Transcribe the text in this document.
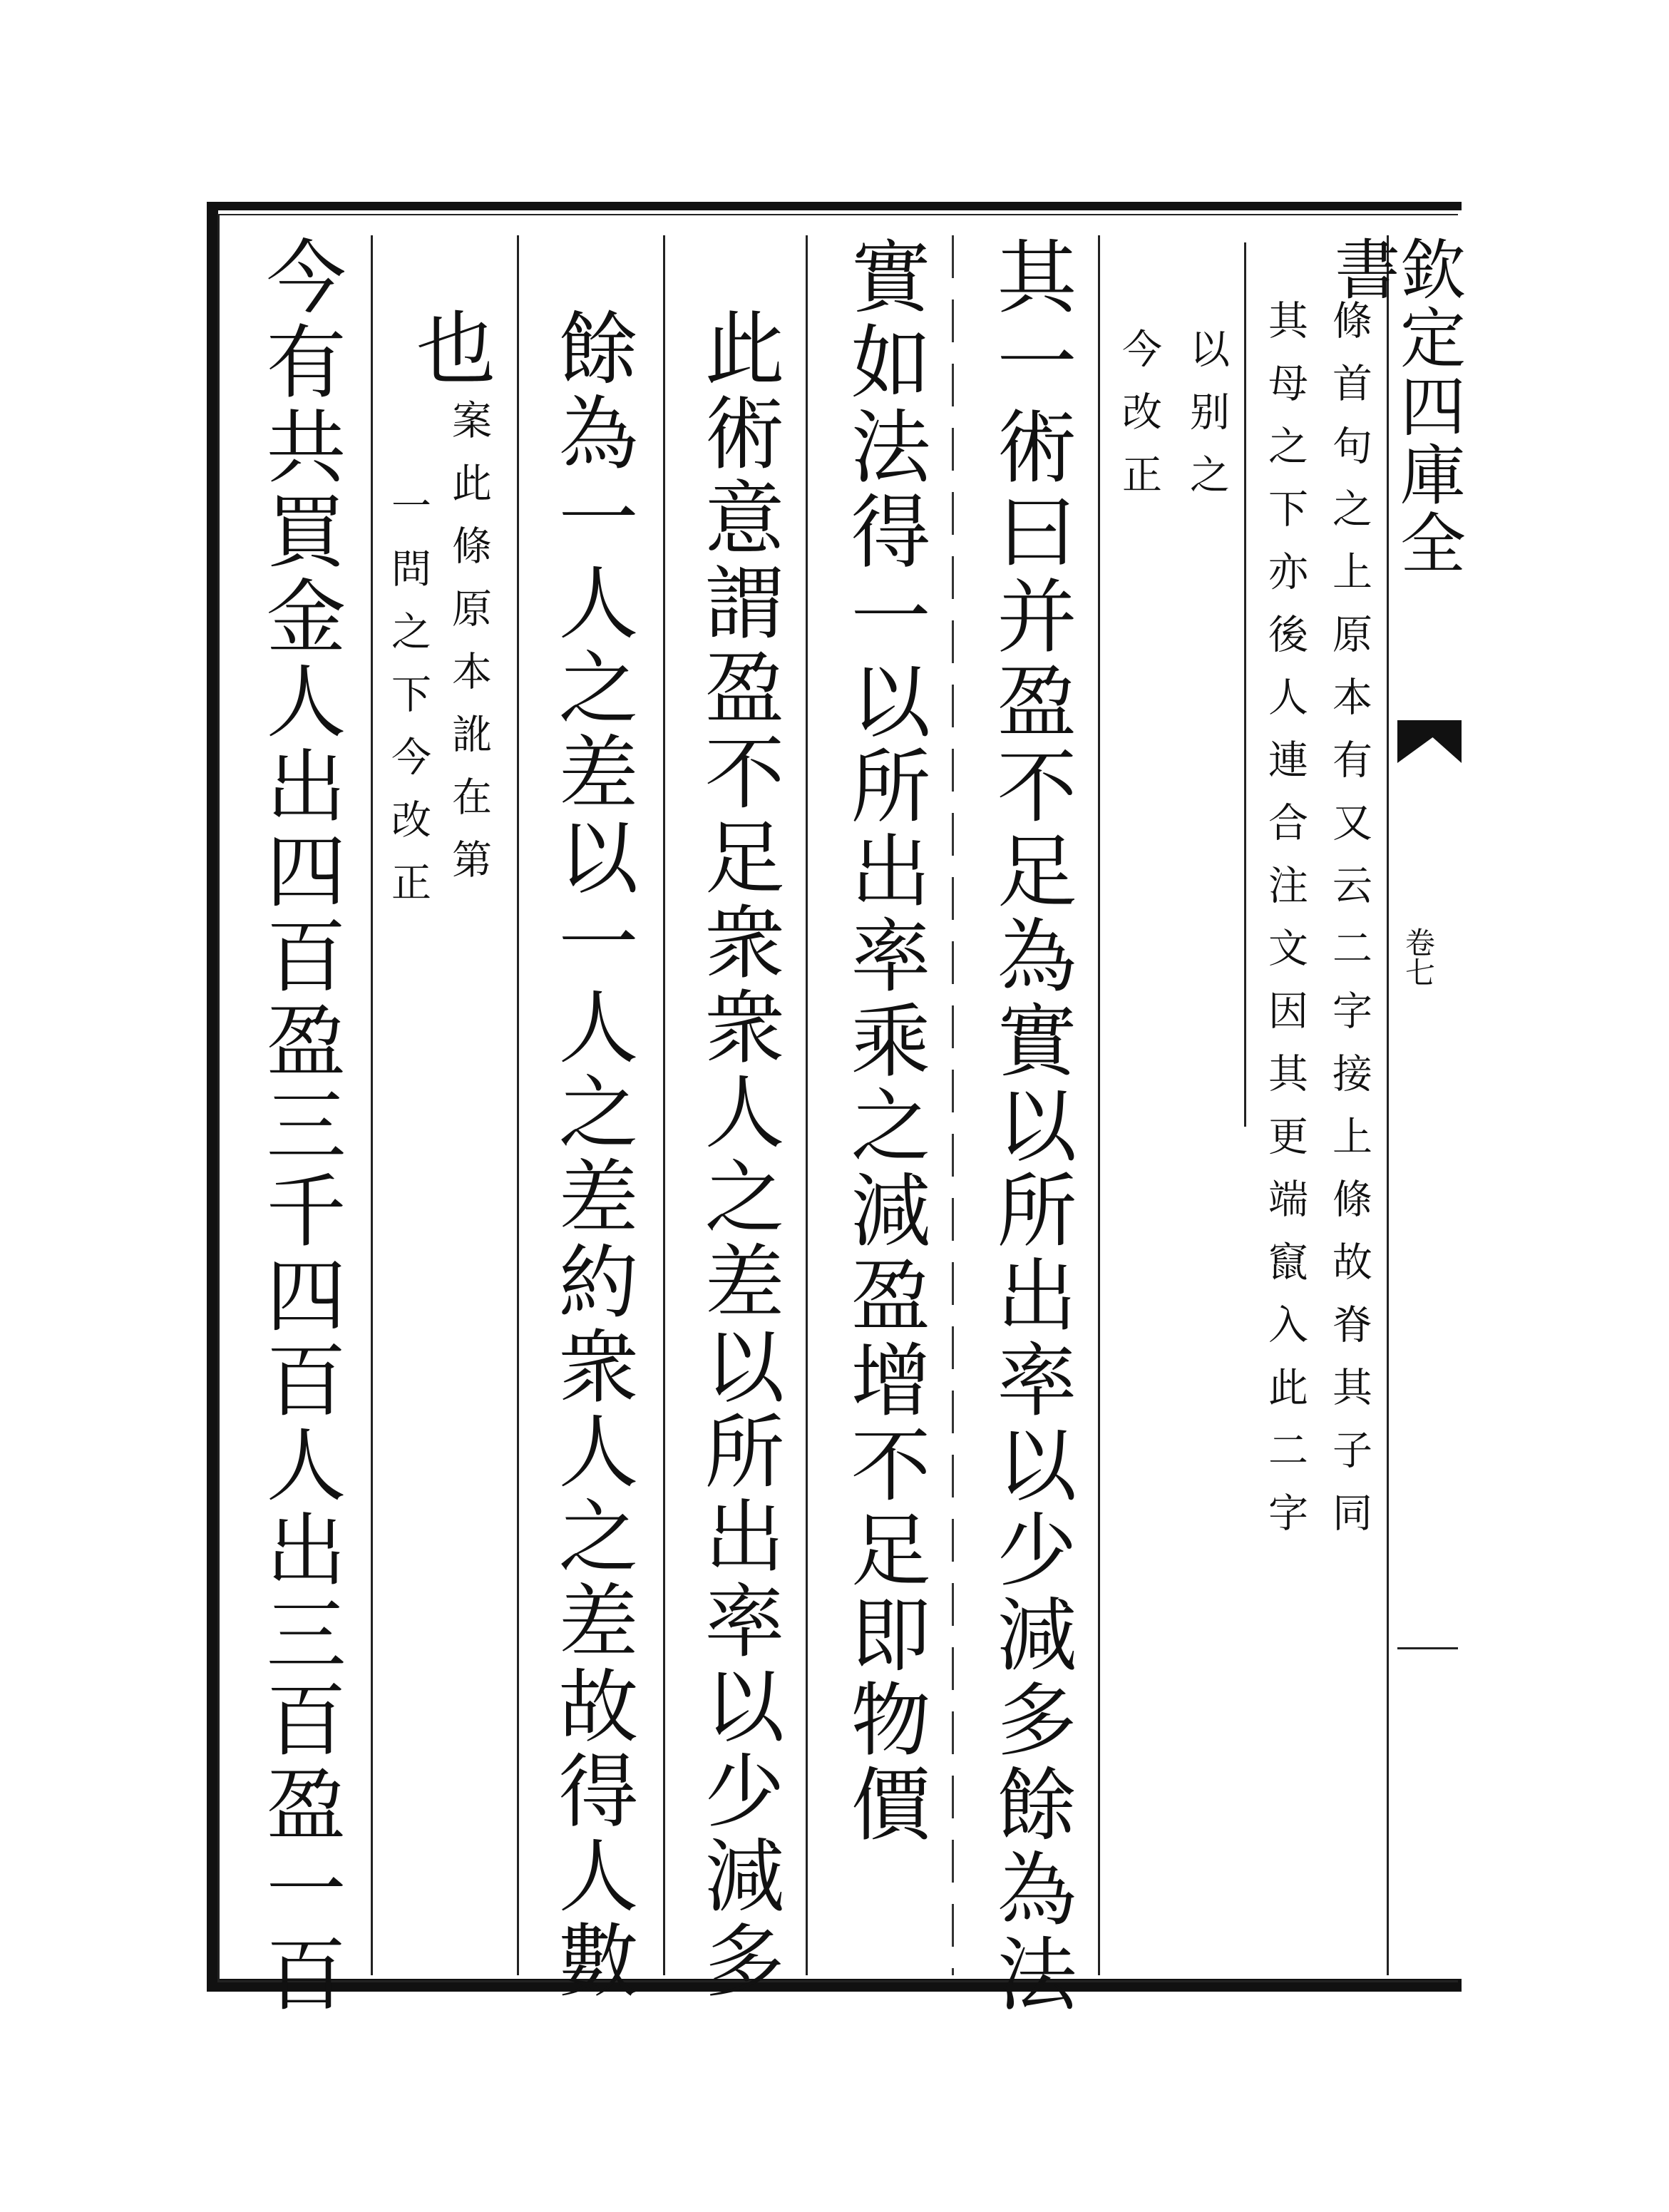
欽定四庫全書
卷七

條首句之上原本有又云二字接上條故脊其子同

其母之下亦後人連合注文因其更端竄入此二字

以别之

今改正

其一術曰并盈不足為實以所出率以少減多餘為法

實如法得一以所出率乘之減盈增不足即物價

此術意謂盈不足衆衆人之差以所出率以少減多

餘為一人之差以一人之差約衆人之差故得人數

也

案此條原本訛在第

一問之下今改正

今有共買金人出四百盈三千四百人出三百盈一百
